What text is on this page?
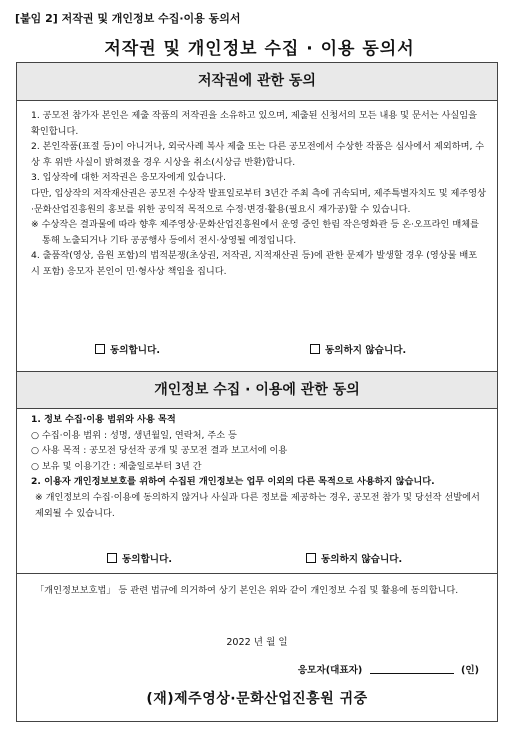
[붙임 2] 저작권 및 개인정보 수집·이용 동의서
저작권 및 개인정보 수집 · 이용 동의서
저작권에 관한 동의

1. 공모전 참가자 본인은 제출 작품의 저작권을 소유하고 있으며, 제출된 신청서의 모든 내용 및 문서는 사실임을 확인합니다.

2. 본인작품(표절 등)이 아니거나, 외국사례 복사 제출 또는 다른 공모전에서 수상한 작품은 심사에서 제외하며, 수상 후 위반 사실이 밝혀졌을 경우 시상을 취소(시상금 반환)합니다.

3. 입상작에 대한 저작권은 응모자에게 있습니다.

다만, 입상작의 저작재산권은 공모전 수상작 발표일로부터 3년간 주최 측에 귀속되며, 제주특별자치도 및 제주영상·문화산업진흥원의 홍보를 위한 공익적 목적으로 수정·변경·활용(필요시 재가공)할 수 있습니다.

※ 수상작은 결과물에 따라 향후 제주영상·문화산업진흥원에서 운영 중인 한림 작은영화관 등 온·오프라인 매체를 통해 노출되거나 기타 공공행사 등에서 전시·상영될 예정입니다.

4. 출품작(영상, 음원 포함)의 법적분쟁(초상권, 저작권, 지적재산권 등)에 관한 문제가 발생할 경우 (영상물 배포 시 포함) 응모자 본인이 민·형사상 책임을 집니다.

동의합니다.	동의하지 않습니다.
개인정보 수집 · 이용에 관한 동의

1. 정보 수집·이용 범위와 사용 목적

○ 수집·이용 범위 : 성명, 생년월일, 연락처, 주소 등

○ 사용 목적 : 공모전 당선작 공개 및 공모전 결과 보고서에 이용

○ 보유 및 이용기간 : 제출일로부터 3년 간

2. 이용자 개인정보보호를 위하여 수집된 개인정보는 업무 이외의 다른 목적으로 사용하지 않습니다.

※ 개인정보의 수집·이용에 동의하지 않거나 사실과 다른 정보를 제공하는 경우, 공모전 참가 및 당선작 선발에서 제외될 수 있습니다.

동의합니다.	동의하지 않습니다.
「개인정보보호법」 등 관련 법규에 의거하여 상기 본인은 위와 같이 개인정보 수집 및 활용에 동의합니다.
2022 년 월 일
응모자(대표자)	(인)
(재)제주영상·문화산업진흥원 귀중
